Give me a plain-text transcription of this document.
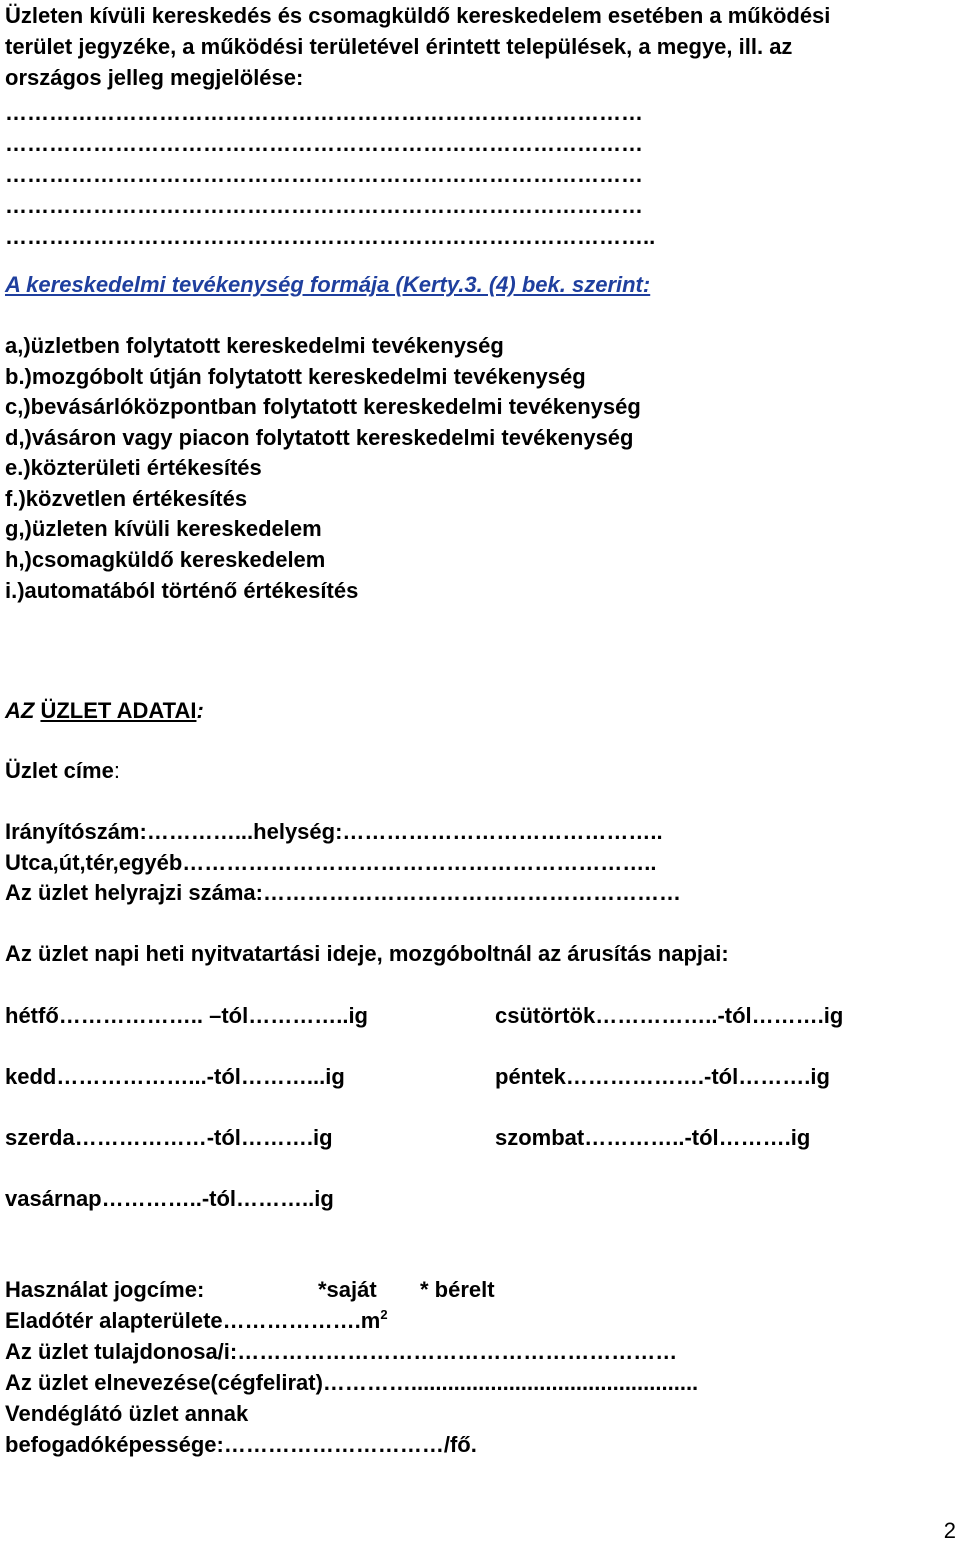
Üzleten kívüli kereskedés és csomagküldő kereskedelem esetében a működési
terület jegyzéke, a működési területével érintett települések, a megye, ill. az
országos jelleg megjelölése:
……………………………………………………………………………
……………………………………………………………………………
……………………………………………………………………………
……………………………………………………………………………
……………………………………………………………………………..
A kereskedelmi tevékenység formája (Kerty.3. (4) bek. szerint:
a,)üzletben folytatott kereskedelmi tevékenység
b.)mozgóbolt útján folytatott kereskedelmi tevékenység
c,)bevásárlóközpontban folytatott kereskedelmi tevékenység
d,)vásáron vagy piacon folytatott kereskedelmi tevékenység
e.)közterületi értékesítés
f.)közvetlen értékesítés
g,)üzleten kívüli kereskedelem
h,)csomagküldő kereskedelem
i.)automatából történő értékesítés
AZ ÜZLET ADATAI:
Üzlet címe:
Irányítószám:…………...helység:……………………………………..
Utca,út,tér,egyéb………………………………………………………..
Az üzlet helyrajzi száma:…………………………………………………
Az üzlet napi heti nyitvatartási ideje, mozgóboltnál az árusítás napjai:
hétfő……………….. –tól…………..ig	csütörtök……………..-tól……….ig
kedd………………...-tól………...ig	péntek……………….-tól……….ig
szerda………………-tól……….ig	szombat…………..-tól……….ig
vasárnap…………..-tól………..ig
Használat jogcíme:	*saját * bérelt
Eladótér $alapterülete\dots\dots\dots\dots\dots\dots.m^2$
Az üzlet tulajdonosa/i:……………………………………………………
Az üzlet elnevezése(cégfelirat)…………...............................................
Vendéglátó üzlet annak
befogadóképessége:…………………………/fő.
2
